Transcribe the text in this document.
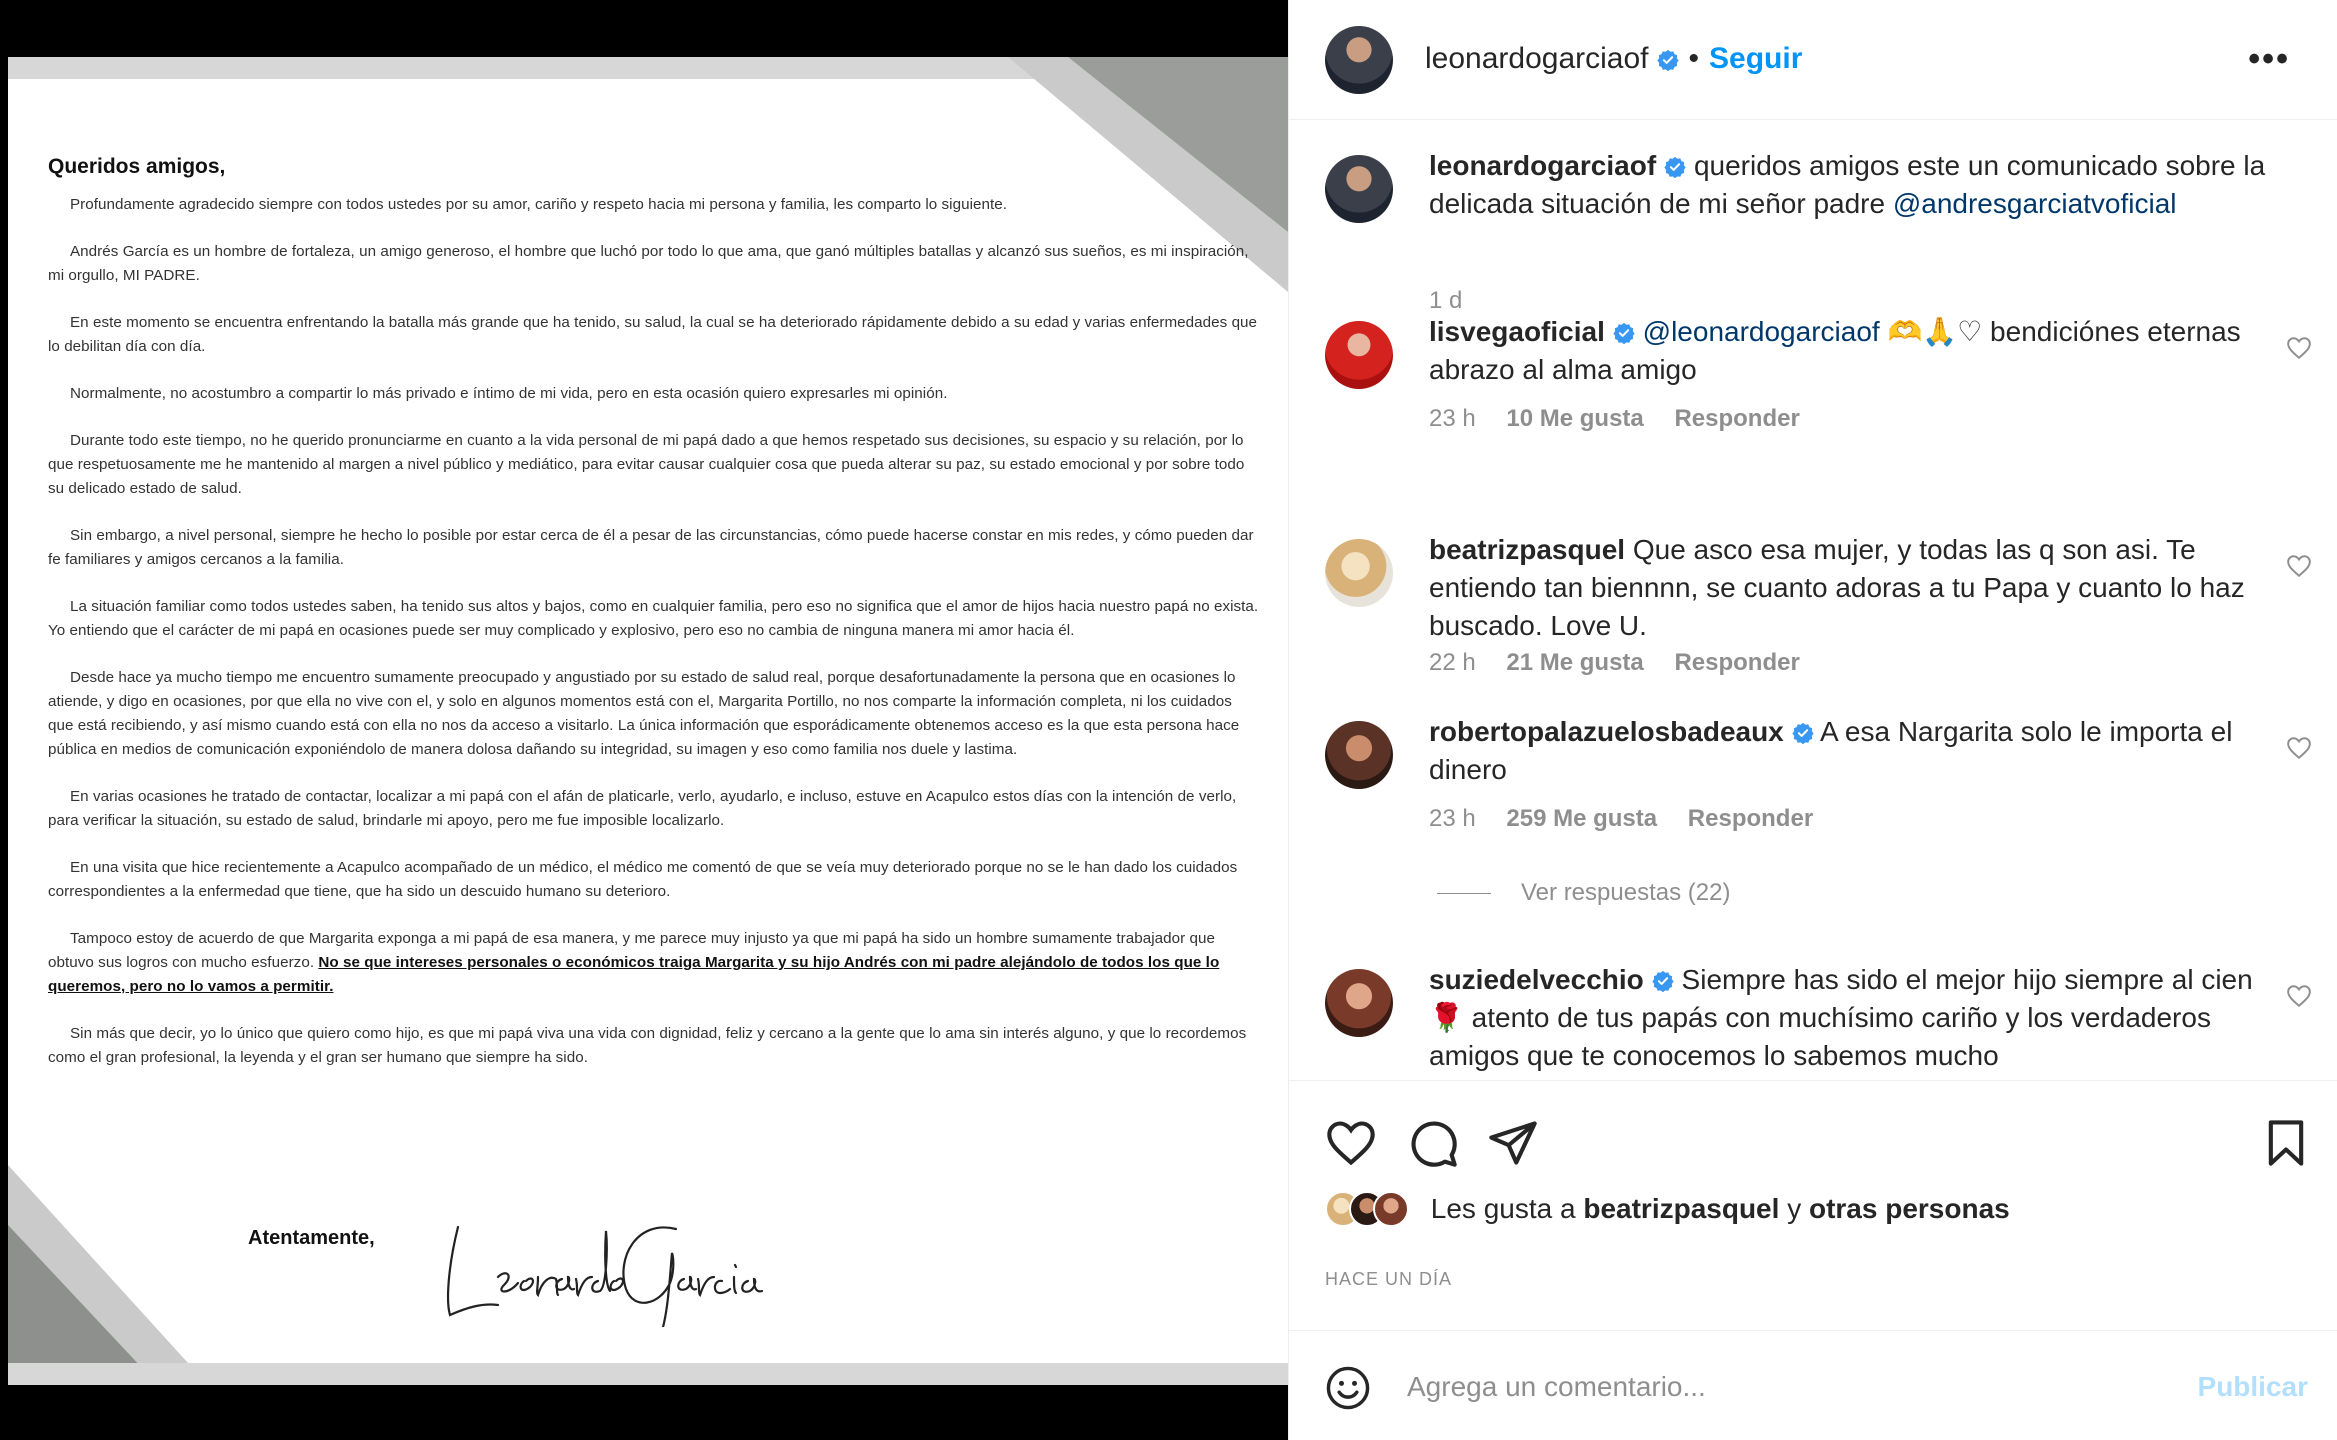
Queridos amigos,

Profundamente agradecido siempre con todos ustedes por su amor, cariño y respeto hacia mi persona y familia, les comparto lo siguiente.

Andrés García es un hombre de fortaleza, un amigo generoso, el hombre que luchó por todo lo que ama, que ganó múltiples batallas y alcanzó sus sueños, es mi inspiración, mi orgullo, MI PADRE.

En este momento se encuentra enfrentando la batalla más grande que ha tenido, su salud, la cual se ha deteriorado rápidamente debido a su edad y varias enfermedades que lo debilitan día con día.

Normalmente, no acostumbro a compartir lo más privado e íntimo de mi vida, pero en esta ocasión quiero expresarles mi opinión.

Durante todo este tiempo, no he querido pronunciarme en cuanto a la vida personal de mi papá dado a que hemos respetado sus decisiones, su espacio y su relación, por lo que respetuosamente me he mantenido al margen a nivel público y mediático, para evitar causar cualquier cosa que pueda alterar su paz, su estado emocional y por sobre todo su delicado estado de salud.

Sin embargo, a nivel personal, siempre he hecho lo posible por estar cerca de él a pesar de las circunstancias, cómo puede hacerse constar en mis redes, y cómo pueden dar fe familiares y amigos cercanos a la familia.

La situación familiar como todos ustedes saben, ha tenido sus altos y bajos, como en cualquier familia, pero eso no significa que el amor de hijos hacia nuestro papá no exista. Yo entiendo que el carácter de mi papá en ocasiones puede ser muy complicado y explosivo, pero eso no cambia de ninguna manera mi amor hacia él.

Desde hace ya mucho tiempo me encuentro sumamente preocupado y angustiado por su estado de salud real, porque desafortunadamente la persona que en ocasiones lo atiende, y digo en ocasiones, por que ella no vive con el, y solo en algunos momentos está con el, Margarita Portillo, no nos comparte la información completa, ni los cuidados que está recibiendo, y así mismo cuando está con ella no nos da acceso a visitarlo. La única información que esporádicamente obtenemos acceso es la que esta persona hace pública en medios de comunicación exponiéndolo de manera dolosa dañando su integridad, su imagen y eso como familia nos duele y lastima.

En varias ocasiones he tratado de contactar, localizar a mi papá con el afán de platicarle, verlo, ayudarlo, e incluso, estuve en Acapulco estos días con la intención de verlo, para verificar la situación, su estado de salud, brindarle mi apoyo, pero me fue imposible localizarlo.

En una visita que hice recientemente a Acapulco acompañado de un médico, el médico me comentó de que se veía muy deteriorado porque no se le han dado los cuidados correspondientes a la enfermedad que tiene, que ha sido un descuido humano su deterioro.

Tampoco estoy de acuerdo de que Margarita exponga a mi papá de esa manera, y me parece muy injusto ya que mi papá ha sido un hombre sumamente trabajador que obtuvo sus logros con mucho esfuerzo. No se que intereses personales o económicos traiga Margarita y su hijo Andrés con mi padre alejándolo de todos los que lo queremos, pero no lo vamos a permitir.

Sin más que decir, yo lo único que quiero como hijo, es que mi papá viva una vida con dignidad, feliz y cercano a la gente que lo ama sin interés alguno, y que lo recordemos como el gran profesional, la leyenda y el gran ser humano que siempre ha sido.

Atentamente,
leonardogarciaof • Seguir	•••
leonardogarciaof queridos amigos este un comunicado sobre la delicada situación de mi señor padre @andresgarciatvoficial
1 d
lisvegaoficial @leonardogarciaof 🫶🙏♡ bendiciónes eternas abrazo al alma amigo
23 h 10 Me gusta Responder
beatrizpasquel Que asco esa mujer, y todas las q son asi. Te entiendo tan biennnn, se cuanto adoras a tu Papa y cuanto lo haz buscado. Love U.
22 h 21 Me gusta Responder
robertopalazuelosbadeaux A esa Nargarita solo le importa el dinero
23 h 259 Me gusta Responder
Ver respuestas (22)
suziedelvecchio Siempre has sido el mejor hijo siempre al cien 🌹 atento de tus papás con muchísimo cariño y los verdaderos amigos que te conocemos lo sabemos mucho
Les gusta a beatrizpasquel y otras personas
HACE UN DÍA
Agrega un comentario...
Publicar
